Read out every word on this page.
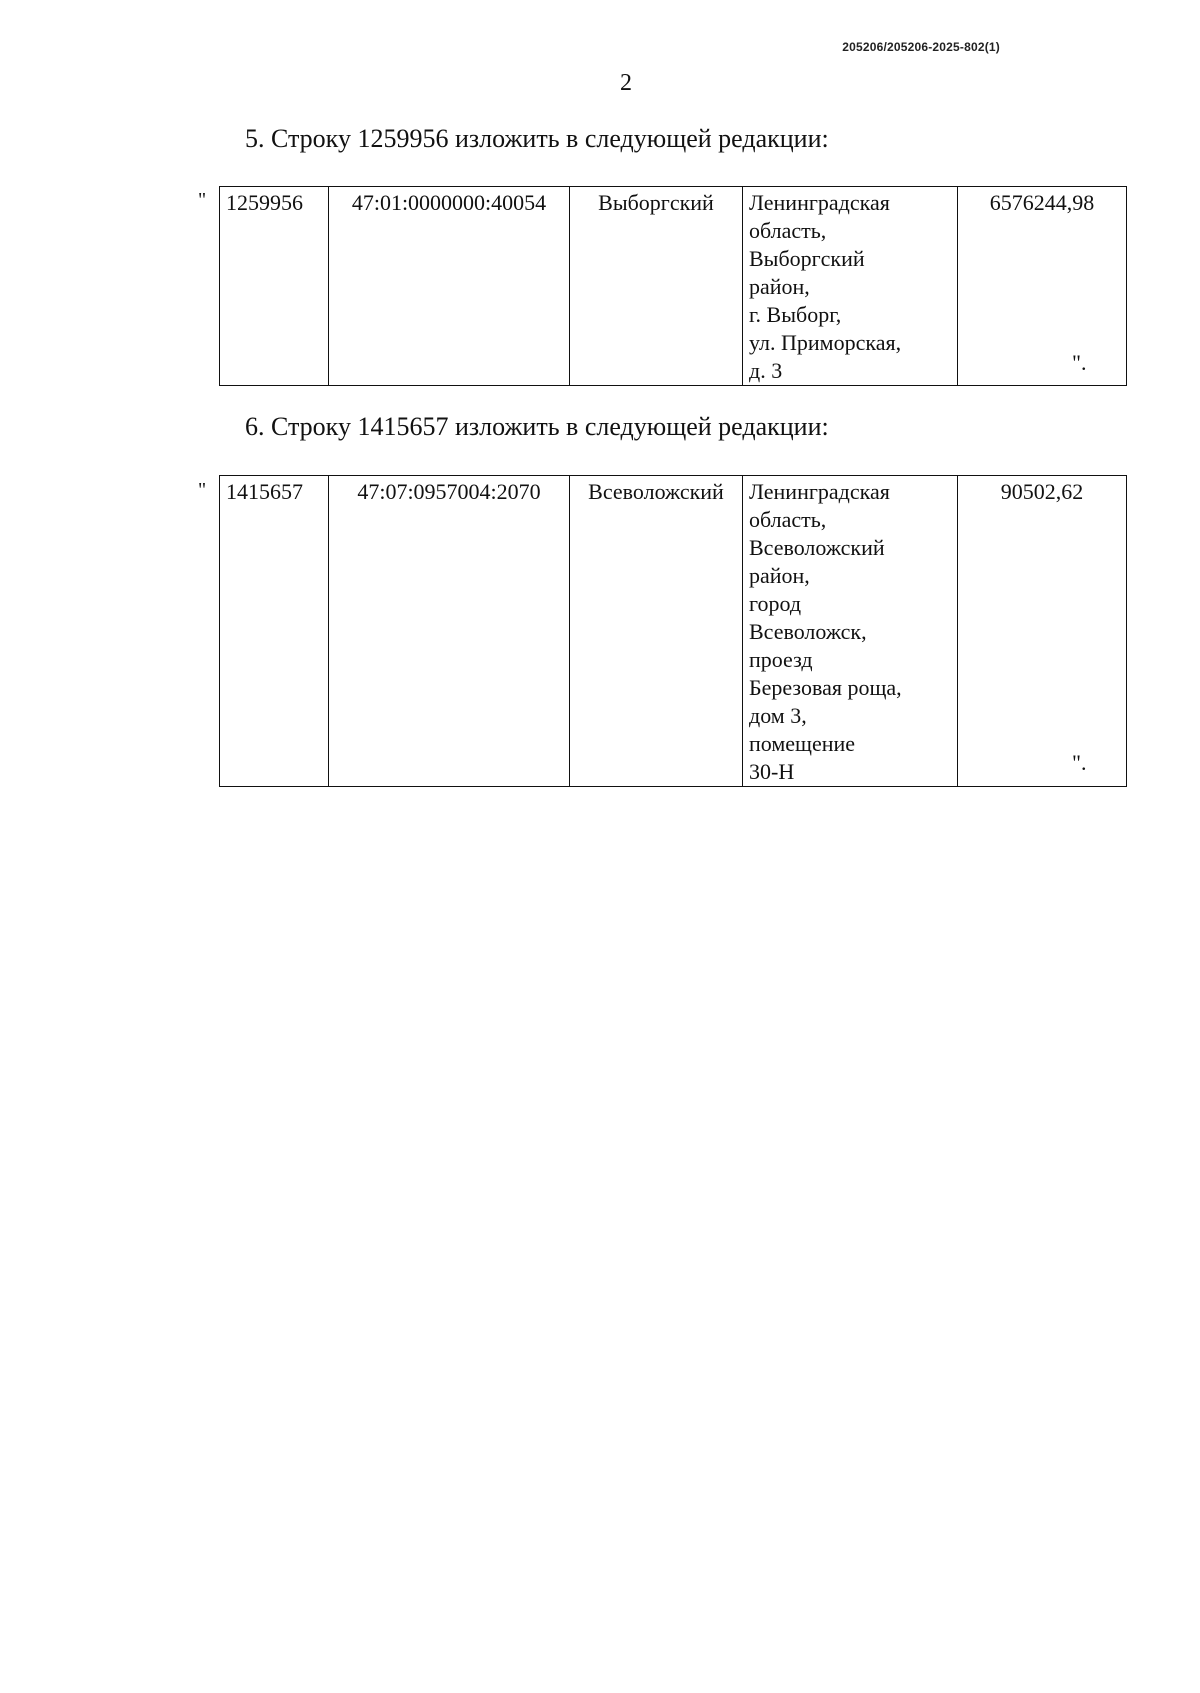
205206/205206-2025-802(1)
2
5. Строку 1259956 изложить в следующей редакции:
" 1259956	47:01:0000000:40054	Выборгский	Ленинградская
область,
Выборгский
район,
г. Выборг,
ул. Приморская,
д. 3	6576244,98
".
6. Строку 1415657 изложить в следующей редакции:
" 1415657	47:07:0957004:2070	Всеволожский	Ленинградская
область,
Всеволожский
район,
город
Всеволожск,
проезд
Березовая роща,
дом 3,
помещение
30-Н	90502,62
".
